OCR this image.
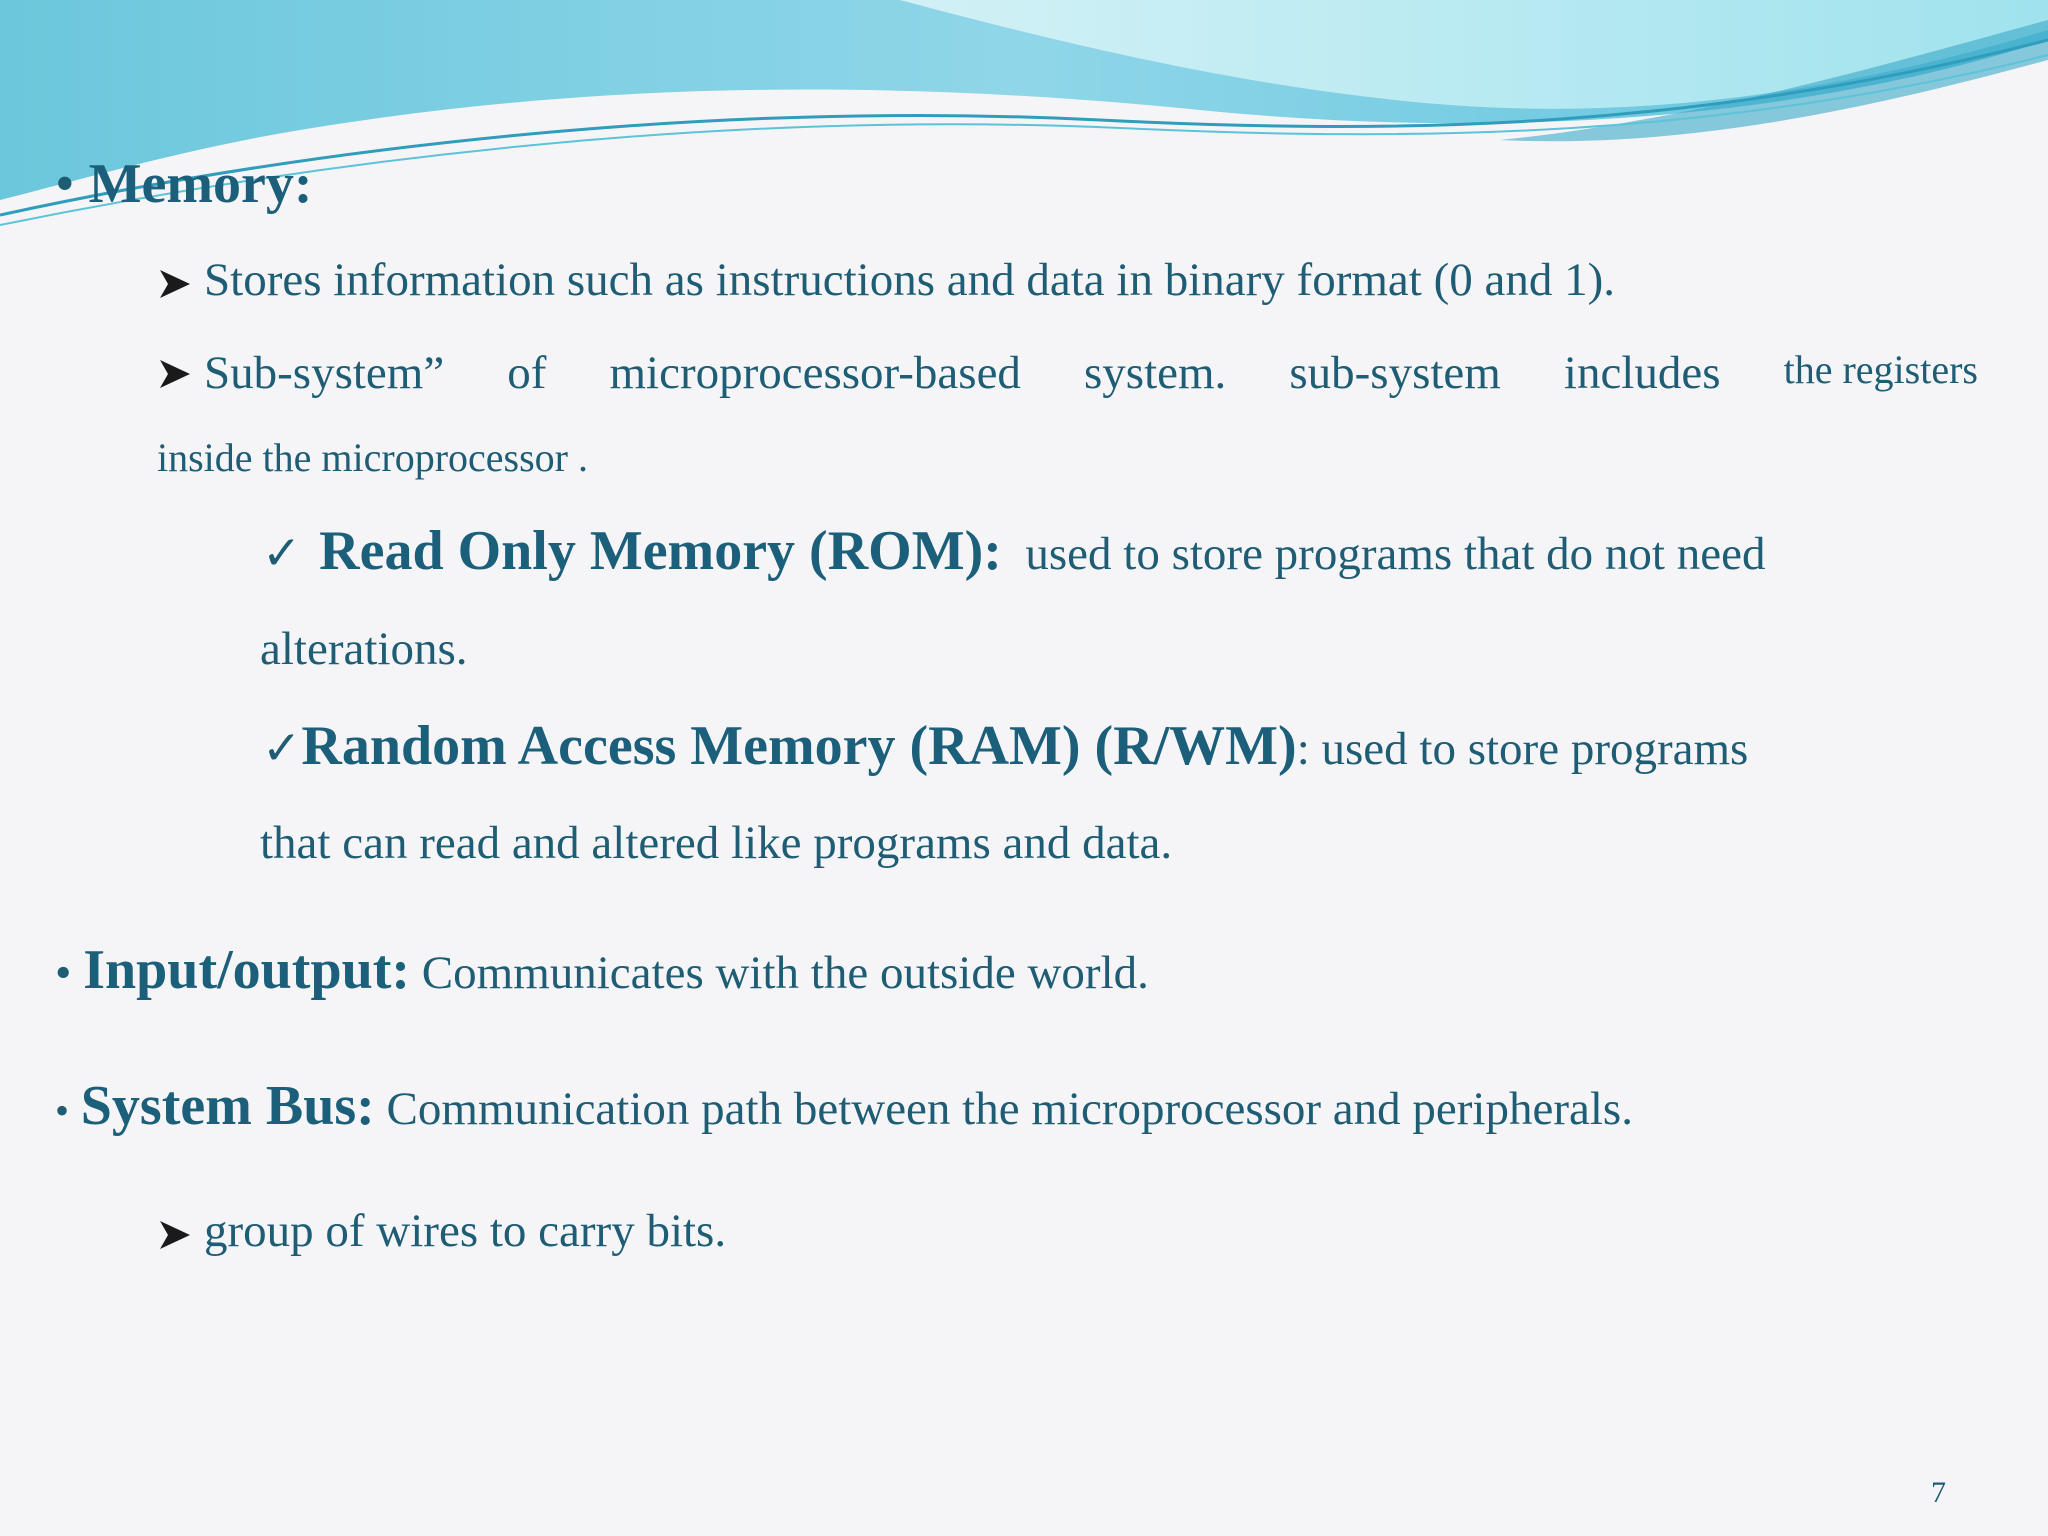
• Memory:
Stores information such as instructions and data in binary format (0 and 1).
Sub-system” of microprocessor-based system. sub-system includes the registers
inside the microprocessor .
✓ Read Only Memory (ROM): used to store programs that do not need
alterations.
✓Random Access Memory (RAM) (R/WM): used to store programs
that can read and altered like programs and data.
• Input/output: Communicates with the outside world.
• System Bus: Communication path between the microprocessor and peripherals.
group of wires to carry bits.
7
